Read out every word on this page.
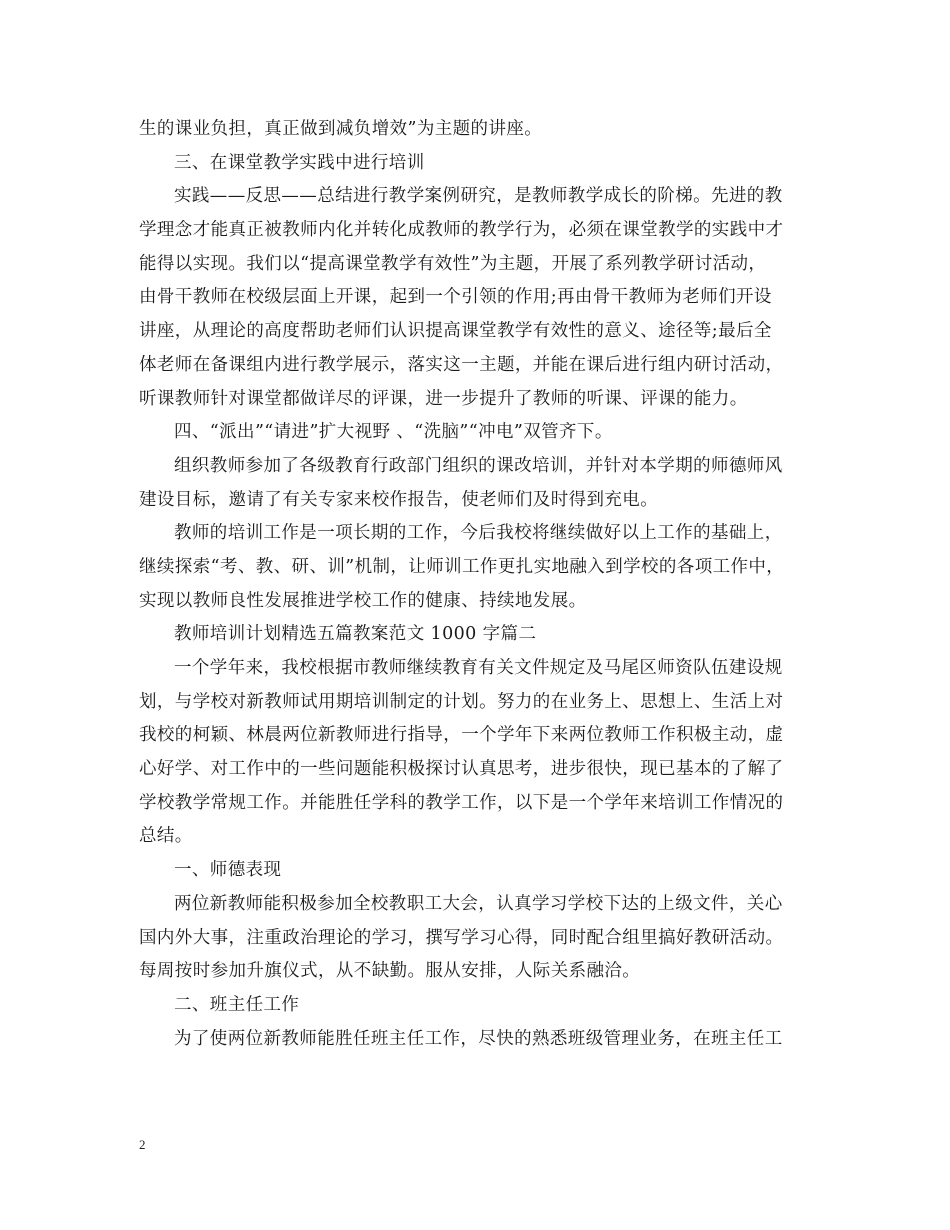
生的课业负担，真正做到减负增效”为主题的讲座。
三、在课堂教学实践中进行培训
实践——反思——总结进行教学案例研究，是教师教学成长的阶梯。先进的教
学理念才能真正被教师内化并转化成教师的教学行为，必须在课堂教学的实践中才
能得以实现。我们以“提高课堂教学有效性”为主题，开展了系列教学研讨活动，
由骨干教师在校级层面上开课，起到一个引领的作用;再由骨干教师为老师们开设
讲座，从理论的高度帮助老师们认识提高课堂教学有效性的意义、途径等;最后全
体老师在备课组内进行教学展示，落实这一主题，并能在课后进行组内研讨活动，
听课教师针对课堂都做详尽的评课，进一步提升了教师的听课、评课的能力。
四、“派出”“请进”扩大视野 、“洗脑”“冲电”双管齐下。
组织教师参加了各级教育行政部门组织的课改培训，并针对本学期的师德师风
建设目标，邀请了有关专家来校作报告，使老师们及时得到充电。
教师的培训工作是一项长期的工作，今后我校将继续做好以上工作的基础上，
继续探索“考、教、研、训”机制，让师训工作更扎实地融入到学校的各项工作中，
实现以教师良性发展推进学校工作的健康、持续地发展。
教师培训计划精选五篇教案范文 1000 字篇二
一个学年来，我校根据市教师继续教育有关文件规定及马尾区师资队伍建设规
划，与学校对新教师试用期培训制定的计划。努力的在业务上、思想上、生活上对
我校的柯颖、林晨两位新教师进行指导，一个学年下来两位教师工作积极主动，虚
心好学、对工作中的一些问题能积极探讨认真思考，进步很快，现已基本的了解了
学校教学常规工作。并能胜任学科的教学工作，以下是一个学年来培训工作情况的
总结。
一、师德表现
两位新教师能积极参加全校教职工大会，认真学习学校下达的上级文件，关心
国内外大事，注重政治理论的学习，撰写学习心得，同时配合组里搞好教研活动。
每周按时参加升旗仪式，从不缺勤。服从安排，人际关系融洽。
二、班主任工作
为了使两位新教师能胜任班主任工作，尽快的熟悉班级管理业务，在班主任工
2
